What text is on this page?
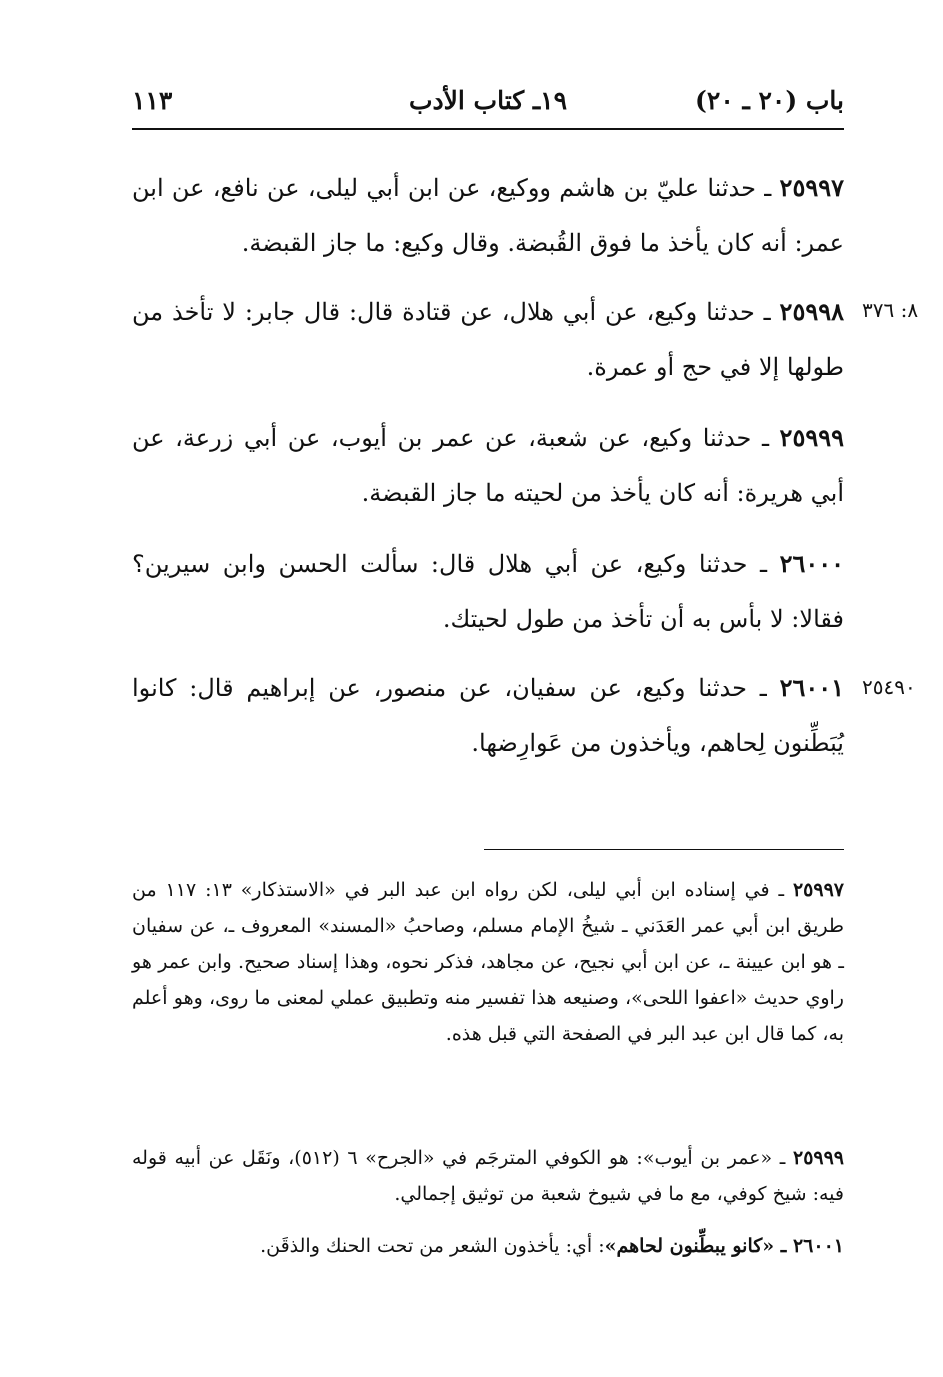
باب (٢٠ ـ ٢٠)
١٩ـ كتاب الأدب
١١٣

٢٥٩٩٧ ـ حدثنا عليّ بن هاشم ووكيع، عن ابن أبي ليلى، عن نافع، عن ابن عمر: أنه كان يأخذ ما فوق القُبضة. وقال وكيع: ما جاز القبضة.

٢٥٩٩٨ ـ حدثنا وكيع، عن أبي هلال، عن قتادة قال: قال جابر: لا تأخذ من طولها إلا في حج أو عمرة.

٨: ٣٧٦

٢٥٩٩٩ ـ حدثنا وكيع، عن شعبة، عن عمر بن أيوب، عن أبي زرعة، عن أبي هريرة: أنه كان يأخذ من لحيته ما جاز القبضة.

٢٦٠٠٠ ـ حدثنا وكيع، عن أبي هلال قال: سألت الحسن وابن سيرين؟ فقالا: لا بأس به أن تأخذ من طول لحيتك.

٢٦٠٠١ ـ حدثنا وكيع، عن سفيان، عن منصور، عن إبراهيم قال: كانوا يُبَطِّنون لِحاهم، ويأخذون من عَوارِضها.

٢٥٤٩٠

٢٥٩٩٧ ـ في إسناده ابن أبي ليلى، لكن رواه ابن عبد البر في «الاستذكار» ١٣: ١١٧ من طريق ابن أبي عمر العَدَني ـ شيخُ الإمام مسلم، وصاحبُ «المسند» المعروف ـ، عن سفيان ـ هو ابن عيينة ـ، عن ابن أبي نجيح، عن مجاهد، فذكر نحوه، وهذا إسناد صحيح. وابن عمر هو راوي حديث «اعفوا اللحى»، وصنيعه هذا تفسير منه وتطبيق عملي لمعنى ما روى، وهو أعلم به، كما قال ابن عبد البر في الصفحة التي قبل هذه.

٢٥٩٩٩ ـ «عمر بن أيوب»: هو الكوفي المترجَم في «الجرح» ٦ (٥١٢)، ونَقَل عن أبيه قوله فيه: شيخ كوفي، مع ما في شيوخ شعبة من توثيق إجمالي.

٢٦٠٠١ ـ «كانو يبطِّنون لحاهم»: أي: يأخذون الشعر من تحت الحنك والذقَن.
